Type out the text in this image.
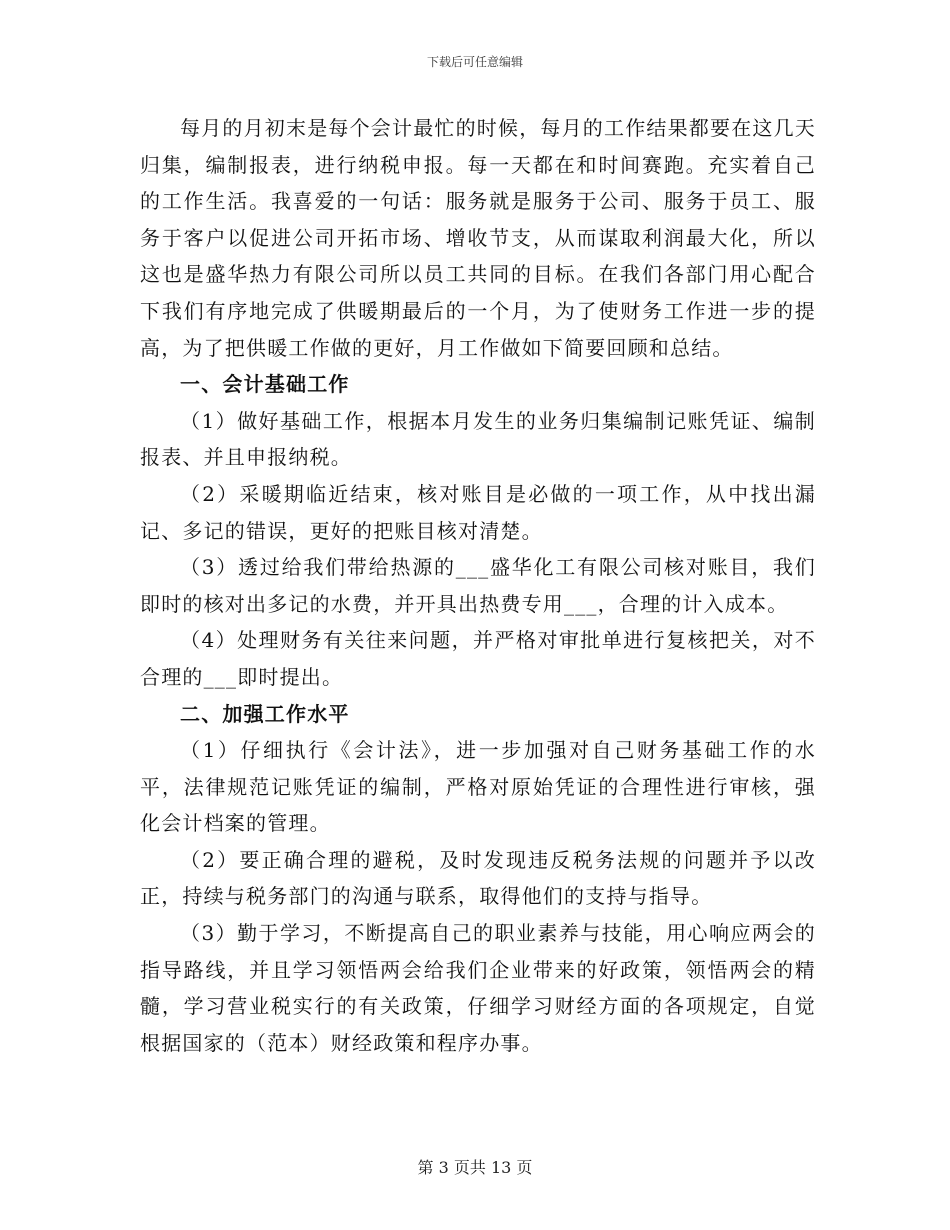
下载后可任意编辑

每月的月初末是每个会计最忙的时候，每月的工作结果都要在这几天归集，编制报表，进行纳税申报。每一天都在和时间赛跑。充实着自己的工作生活。我喜爱的一句话：服务就是服务于公司、服务于员工、服务于客户以促进公司开拓市场、增收节支，从而谋取利润最大化，所以这也是盛华热力有限公司所以员工共同的目标。在我们各部门用心配合下我们有序地完成了供暖期最后的一个月，为了使财务工作进一步的提高，为了把供暖工作做的更好，月工作做如下简要回顾和总结。

一、会计基础工作

（1）做好基础工作，根据本月发生的业务归集编制记账凭证、编制报表、并且申报纳税。

（2）采暖期临近结束，核对账目是必做的一项工作，从中找出漏记、多记的错误，更好的把账目核对清楚。

（3）透过给我们带给热源的___盛华化工有限公司核对账目，我们即时的核对出多记的水费，并开具出热费专用___，合理的计入成本。

（4）处理财务有关往来问题，并严格对审批单进行复核把关，对不合理的___即时提出。

二、加强工作水平

（1）仔细执行《会计法》，进一步加强对自己财务基础工作的水平，法律规范记账凭证的编制，严格对原始凭证的合理性进行审核，强化会计档案的管理。

（2）要正确合理的避税，及时发现违反税务法规的问题并予以改正，持续与税务部门的沟通与联系，取得他们的支持与指导。

（3）勤于学习，不断提高自己的职业素养与技能，用心响应两会的指导路线，并且学习领悟两会给我们企业带来的好政策，领悟两会的精髓，学习营业税实行的有关政策，仔细学习财经方面的各项规定，自觉根据国家的（范本）财经政策和程序办事。

第 3 页共 13 页
